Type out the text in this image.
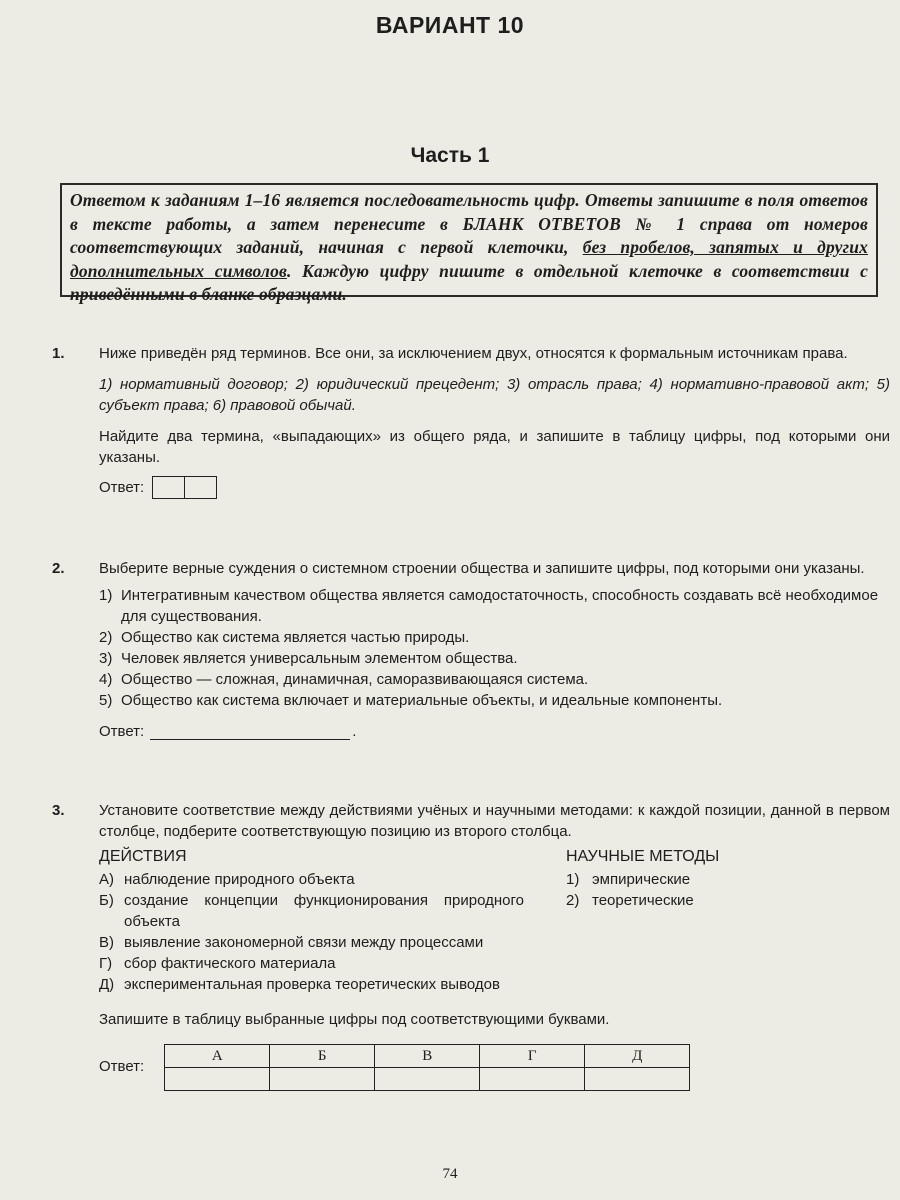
ВАРИАНТ 10
Часть 1
Ответом к заданиям 1–16 является последовательность цифр. Ответы запишите в поля ответов в тексте работы, а затем перенесите в БЛАНК ОТВЕТОВ № 1 справа от номеров соответствующих заданий, начиная с первой клеточки, без пробелов, запятых и других дополнительных символов. Каждую цифру пишите в отдельной клеточке в соответствии с приведёнными в бланке образцами.
1. Ниже приведён ряд терминов. Все они, за исключением двух, относятся к формальным источникам права.

1) нормативный договор; 2) юридический прецедент; 3) отрасль права; 4) нормативно-правовой акт; 5) субъект права; 6) правовой обычай.

Найдите два термина, «выпадающих» из общего ряда, и запишите в таблицу цифры, под которыми они указаны.

Ответ:
2. Выберите верные суждения о системном строении общества и запишите цифры, под которыми они указаны.

1) Интегративным качеством общества является самодостаточность, способность создавать всё необходимое для существования.
2) Общество как система является частью природы.
3) Человек является универсальным элементом общества.
4) Общество — сложная, динамичная, саморазвивающаяся система.
5) Общество как система включает и материальные объекты, и идеальные компоненты.
Ответ:	.
3. Установите соответствие между действиями учёных и научными методами: к каждой позиции, данной в первом столбце, подберите соответствующую позицию из второго столбца.

ДЕЙСТВИЯ
А) наблюдение природного объекта
Б) создание концепции функционирования природного объекта
В) выявление закономерной связи между процессами
Г) сбор фактического материала
Д) экспериментальная проверка теоретических выводов
НАУЧНЫЕ МЕТОДЫ
1) эмпирические
2) теоретические

Запишите в таблицу выбранные цифры под соответствующими буквами.

Ответ:
А	Б	В	Г	Д

74
